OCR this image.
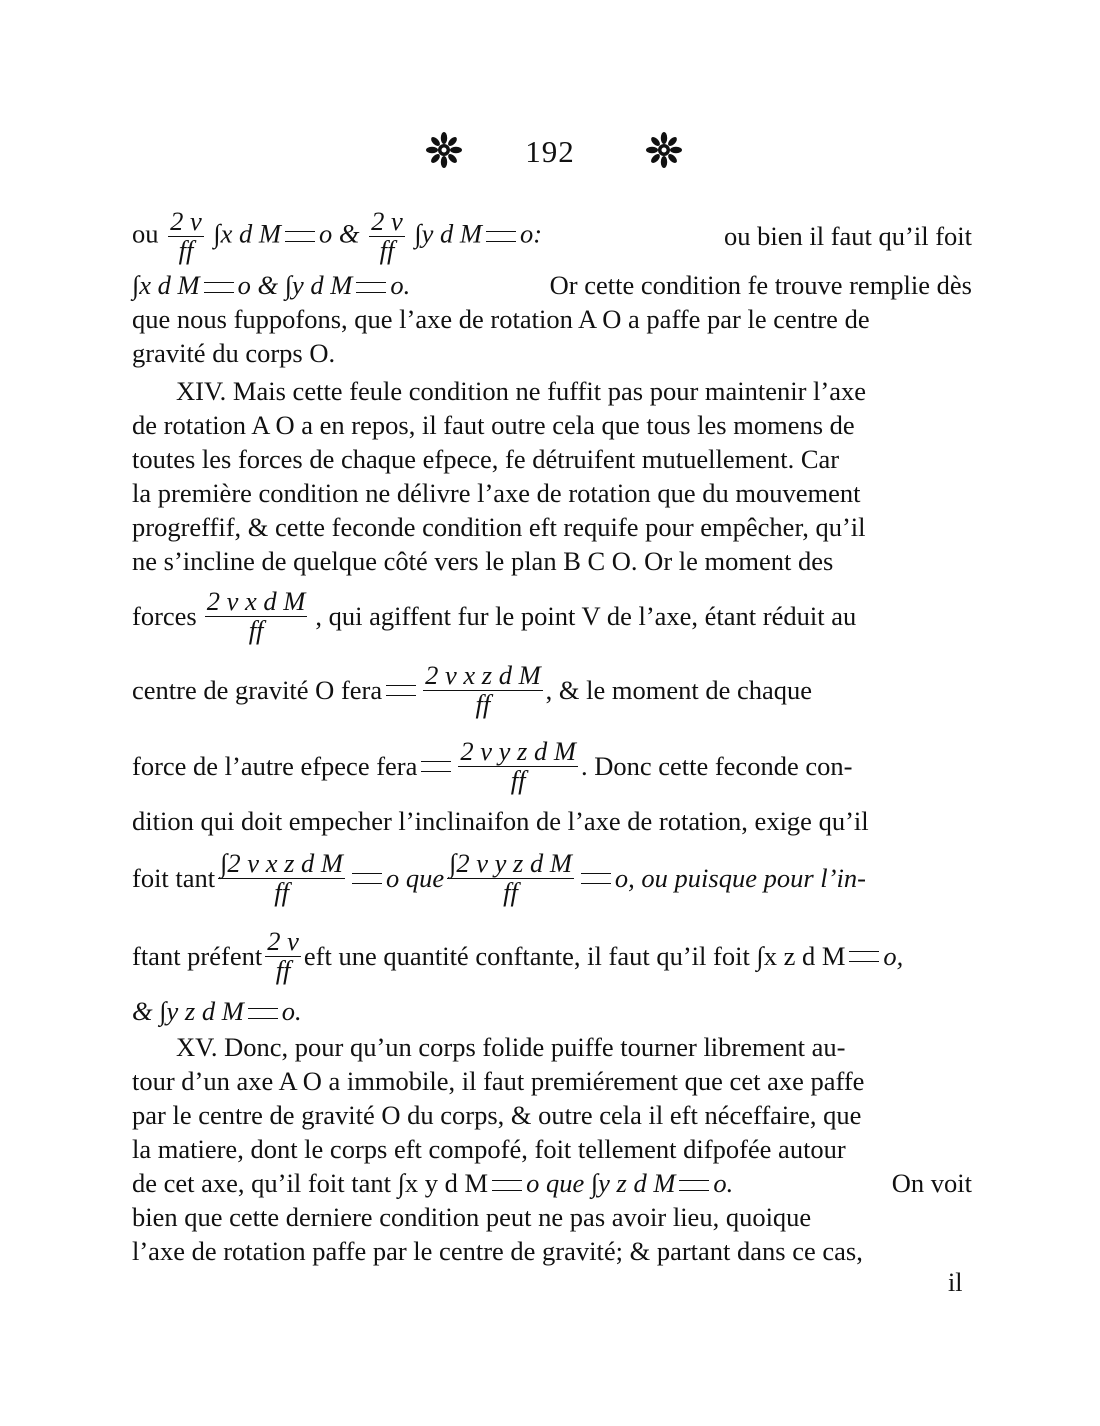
192
ou $\frac{2 v}{ff} \int x$ d M o & $\frac{2 v}{ff} \int y$ d M o:	ou bien il faut qu’il foit
∫x d M o & ∫y d M o.	Or cette condition fe trouve remplie dès
que nous fuppofons, que l’axe de rotation A O a paffe par le centre de
gravité du corps O.
XIV. Mais cette feule condition ne fuffit pas pour maintenir l’axe
de rotation A O a en repos, il faut outre cela que tous les momens de
toutes les forces de chaque efpece, fe détruifent mutuellement. Car
la première condition ne délivre l’axe de rotation que du mouvement
progreffif, & cette feconde condition eft requife pour empêcher, qu’il
ne s’incline de quelque côté vers le plan B C O. Or le moment des
forces $\frac{\text{2 v x d M}}{ff}$ , qui agiffent fur le point V de l’axe, étant réduit au
centre de gravité O fera $\frac{\text{2 v x z d M}}{ff}$ , & le moment de chaque
force de l’autre efpece fera $\frac{\text{2 v y z d M}}{ff}$ . Donc cette feconde con-
dition qui doit empecher l’inclinaifon de l’axe de rotation, exige qu’il
foit tant $\frac{\text{∫2 v x z d M}}{ff}$ o que $\frac{\text{∫2 v y z d M}}{ff} o$, ou puisque pour l’in-
ftant préfent $\frac{2 v}{ff}$ eft une quantité conftante, il faut qu’il foit ∫x z d M o,
& ∫y z d M o.
XV. Donc, pour qu’un corps folide puiffe tourner librement au-
tour d’un axe A O a immobile, il faut premiérement que cet axe paffe
par le centre de gravité O du corps, & outre cela il eft néceffaire, que
la matiere, dont le corps eft compofé, foit tellement difpofée autour
de cet axe, qu’il foit tant ∫x y d M o que ∫y z d M o.	On voit
bien que cette derniere condition peut ne pas avoir lieu, quoique
l’axe de rotation paffe par le centre de gravité; & partant dans ce cas,
il
